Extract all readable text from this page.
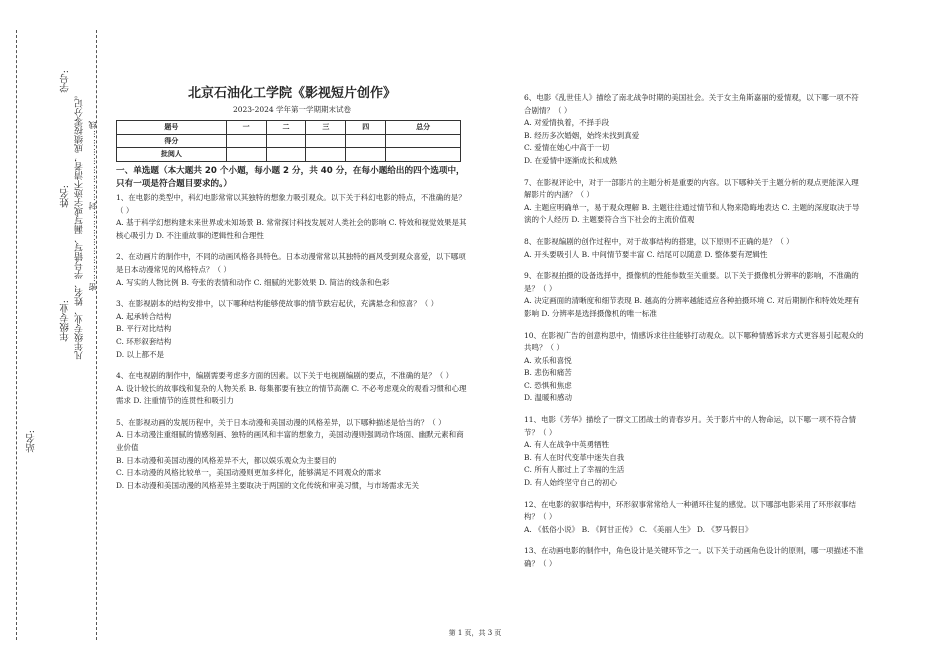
站名:
年级专业:
姓名:
学号:
凡年级专业、姓名、学号错写、漏写或字迹不清者，成绩按零分记。 密……………………封……………………线

北京石油化工学院《影视短片创作》

2023-2024 学年第一学期期末试卷

题号	一	二	三	四	总分
得分					
批阅人					

一、单选题（本大题共 20 个小题，每小题 2 分，共 40 分，在每小题给出的四个选项中，只有一项是符合题目要求的。）

1、在电影的类型中，科幻电影常常以其独特的想象力吸引观众。以下关于科幻电影的特点，不准确的是？（ ）

A. 基于科学幻想构建未来世界或未知场景 B. 常常探讨科技发展对人类社会的影响 C. 特效和视觉效果是其核心吸引力 D. 不注重故事的逻辑性和合理性

2、在动画片的制作中，不同的动画风格各具特色。日本动漫常常以其独特的画风受到观众喜爱，以下哪项是日本动漫常见的风格特点？（ ）

A. 写实的人物比例 B. 夸张的表情和动作 C. 细腻的光影效果 D. 简洁的线条和色彩

3、在影视剧本的结构安排中，以下哪种结构能够使故事的情节跌宕起伏，充满悬念和惊喜？（ ）

A. 起承转合结构

B. 平行对比结构

C. 环形叙套结构

D. 以上都不是

4、在电视剧的制作中，编剧需要考虑多方面的因素。以下关于电视剧编剧的要点，不准确的是？（ ）

A. 设计较长的故事线和复杂的人物关系 B. 每集都要有独立的情节高潮 C. 不必考虑观众的观看习惯和心理需求 D. 注重情节的连贯性和吸引力

5、在影视动画的发展历程中，关于日本动漫和美国动漫的风格差异，以下哪种描述是恰当的？（ ）

A. 日本动漫注重细腻的情感刻画、独特的画风和丰富的想象力，美国动漫则强调动作场面、幽默元素和商业价值

B. 日本动漫和美国动漫的风格差异不大，都以娱乐观众为主要目的

C. 日本动漫的风格比较单一，美国动漫则更加多样化，能够满足不同观众的需求

D. 日本动漫和美国动漫的风格差异主要取决于两国的文化传统和审美习惯，与市场需求无关

6、电影《乱世佳人》描绘了南北战争时期的美国社会。关于女主角斯嘉丽的爱情观，以下哪一项不符合剧情？（ ）

A. 对爱情执着，不择手段

B. 经历多次婚姻，始终未找到真爱

C. 爱情在她心中高于一切

D. 在爱情中逐渐成长和成熟

7、在影视评论中，对于一部影片的主题分析是重要的内容。以下哪种关于主题分析的观点更能深入理解影片的内涵？（ ）

A. 主题应明确单一，易于观众理解 B. 主题往往通过情节和人物来隐晦地表达 C. 主题的深度取决于导演的个人经历 D. 主题要符合当下社会的主流价值观

8、在影视编剧的创作过程中，对于故事结构的搭建，以下原则不正确的是？（ ）

A. 开头要吸引人 B. 中间情节要丰富 C. 结尾可以随意 D. 整体要有逻辑性

9、在影视拍摄的设备选择中，摄像机的性能参数至关重要。以下关于摄像机分辨率的影响，不准确的是？（ ）

A. 决定画面的清晰度和细节表现 B. 越高的分辨率越能适应各种拍摄环境 C. 对后期制作和特效处理有影响 D. 分辨率是选择摄像机的唯一标准

10、在影视广告的创意构思中，情感诉求往往能够打动观众。以下哪种情感诉求方式更容易引起观众的共鸣？（ ）

A. 欢乐和喜悦

B. 悲伤和痛苦

C. 恐惧和焦虑

D. 温暖和感动

11、电影《芳华》描绘了一群文工团战士的青春岁月。关于影片中的人物命运，以下哪一项不符合情节？（ ）

A. 有人在战争中英勇牺牲

B. 有人在时代变革中迷失自我

C. 所有人都过上了幸福的生活

D. 有人始终坚守自己的初心

12、在电影的叙事结构中，环形叙事常常给人一种循环往复的感觉。以下哪部电影采用了环形叙事结构？（ ）

A. 《低俗小说》 B. 《阿甘正传》 C. 《美丽人生》 D. 《罗马假日》

13、在动画电影的制作中，角色设计是关键环节之一。以下关于动画角色设计的原则，哪一项描述不准确？（ ）

第 1 页，共 3 页
